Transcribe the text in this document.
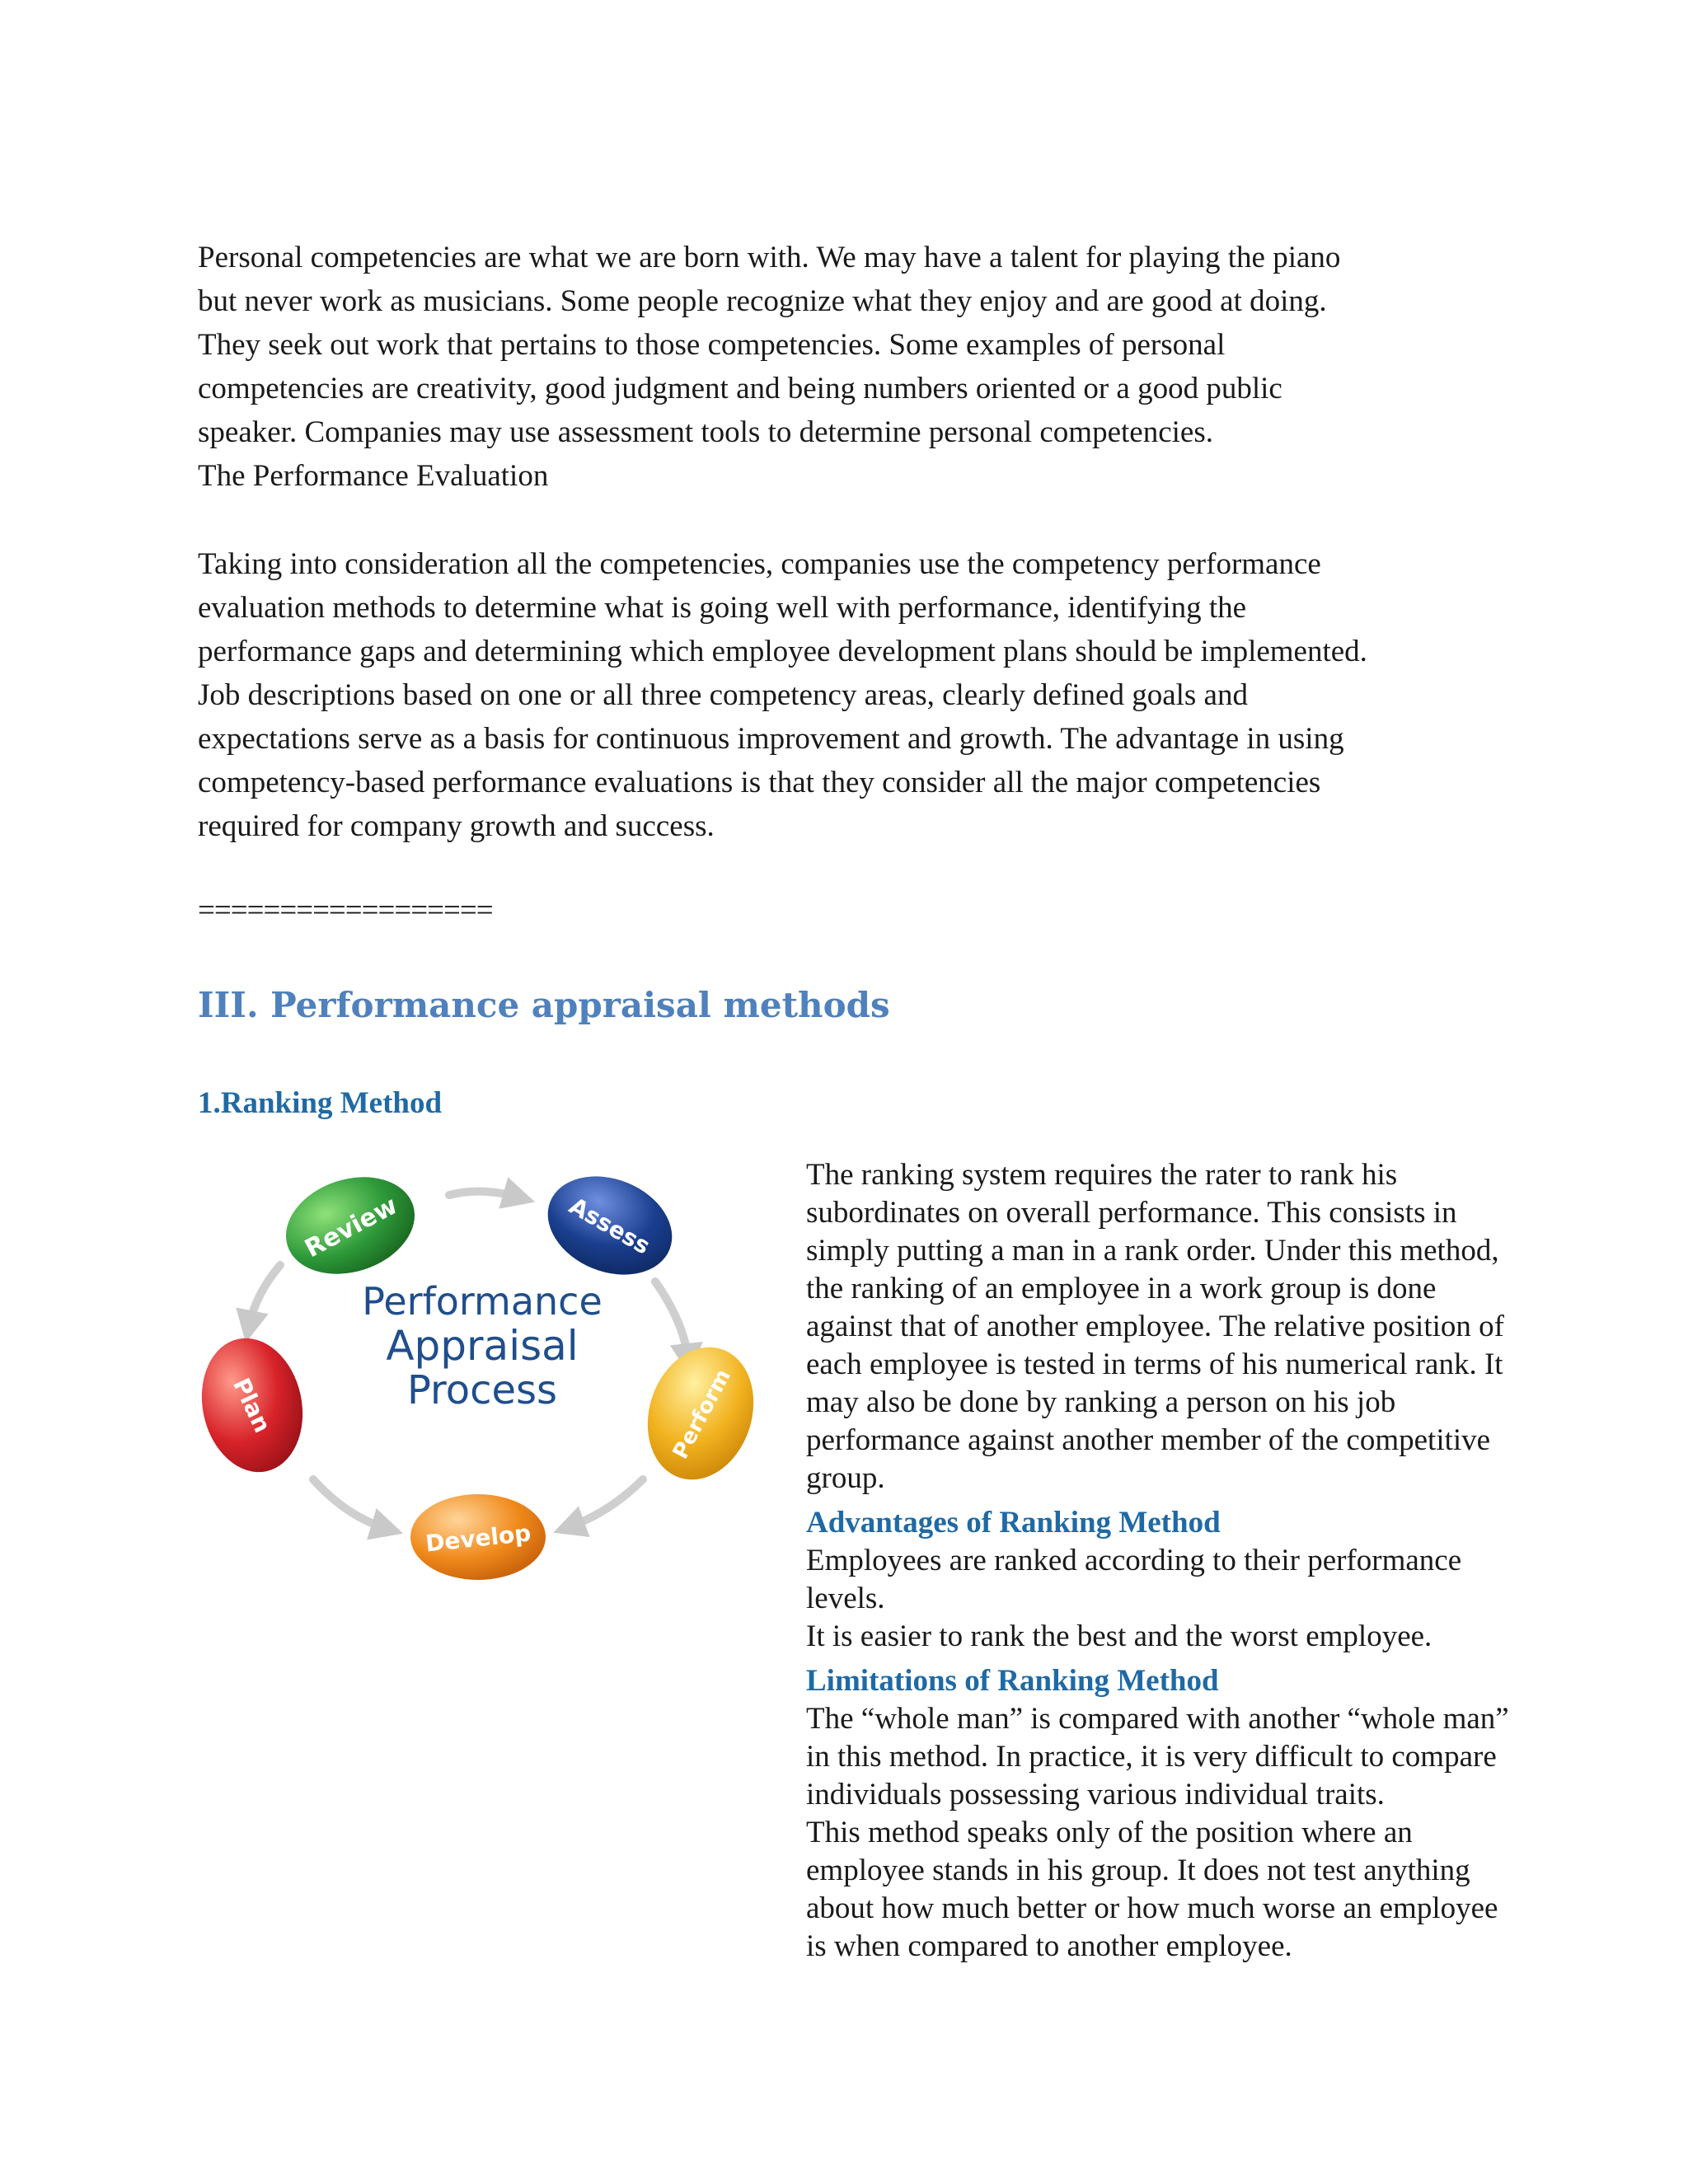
Personal competencies are what we are born with. We may have a talent for playing the piano

but never work as musicians. Some people recognize what they enjoy and are good at doing.

They seek out work that pertains to those competencies. Some examples of personal

competencies are creativity, good judgment and being numbers oriented or a good public

speaker. Companies may use assessment tools to determine personal competencies.

The Performance Evaluation

Taking into consideration all the competencies, companies use the competency performance

evaluation methods to determine what is going well with performance, identifying the

performance gaps and determining which employee development plans should be implemented.

Job descriptions based on one or all three competency areas, clearly defined goals and

expectations serve as a basis for continuous improvement and growth. The advantage in using

competency-based performance evaluations is that they consider all the major competencies

required for company growth and success.

==================
III. Performance appraisal methods
1.Ranking Method
Review	Assess
Perform
Develop
Plan
Performance
Appraisal
Process

The ranking system requires the rater to rank his

subordinates on overall performance. This consists in

simply putting a man in a rank order. Under this method,

the ranking of an employee in a work group is done

against that of another employee. The relative position of

each employee is tested in terms of his numerical rank. It

may also be done by ranking a person on his job

performance against another member of the competitive

group.

Advantages of Ranking Method

Employees are ranked according to their performance

levels.

It is easier to rank the best and the worst employee.

Limitations of Ranking Method

The “whole man” is compared with another “whole man”

in this method. In practice, it is very difficult to compare

individuals possessing various individual traits.

This method speaks only of the position where an

employee stands in his group. It does not test anything

about how much better or how much worse an employee

is when compared to another employee.
